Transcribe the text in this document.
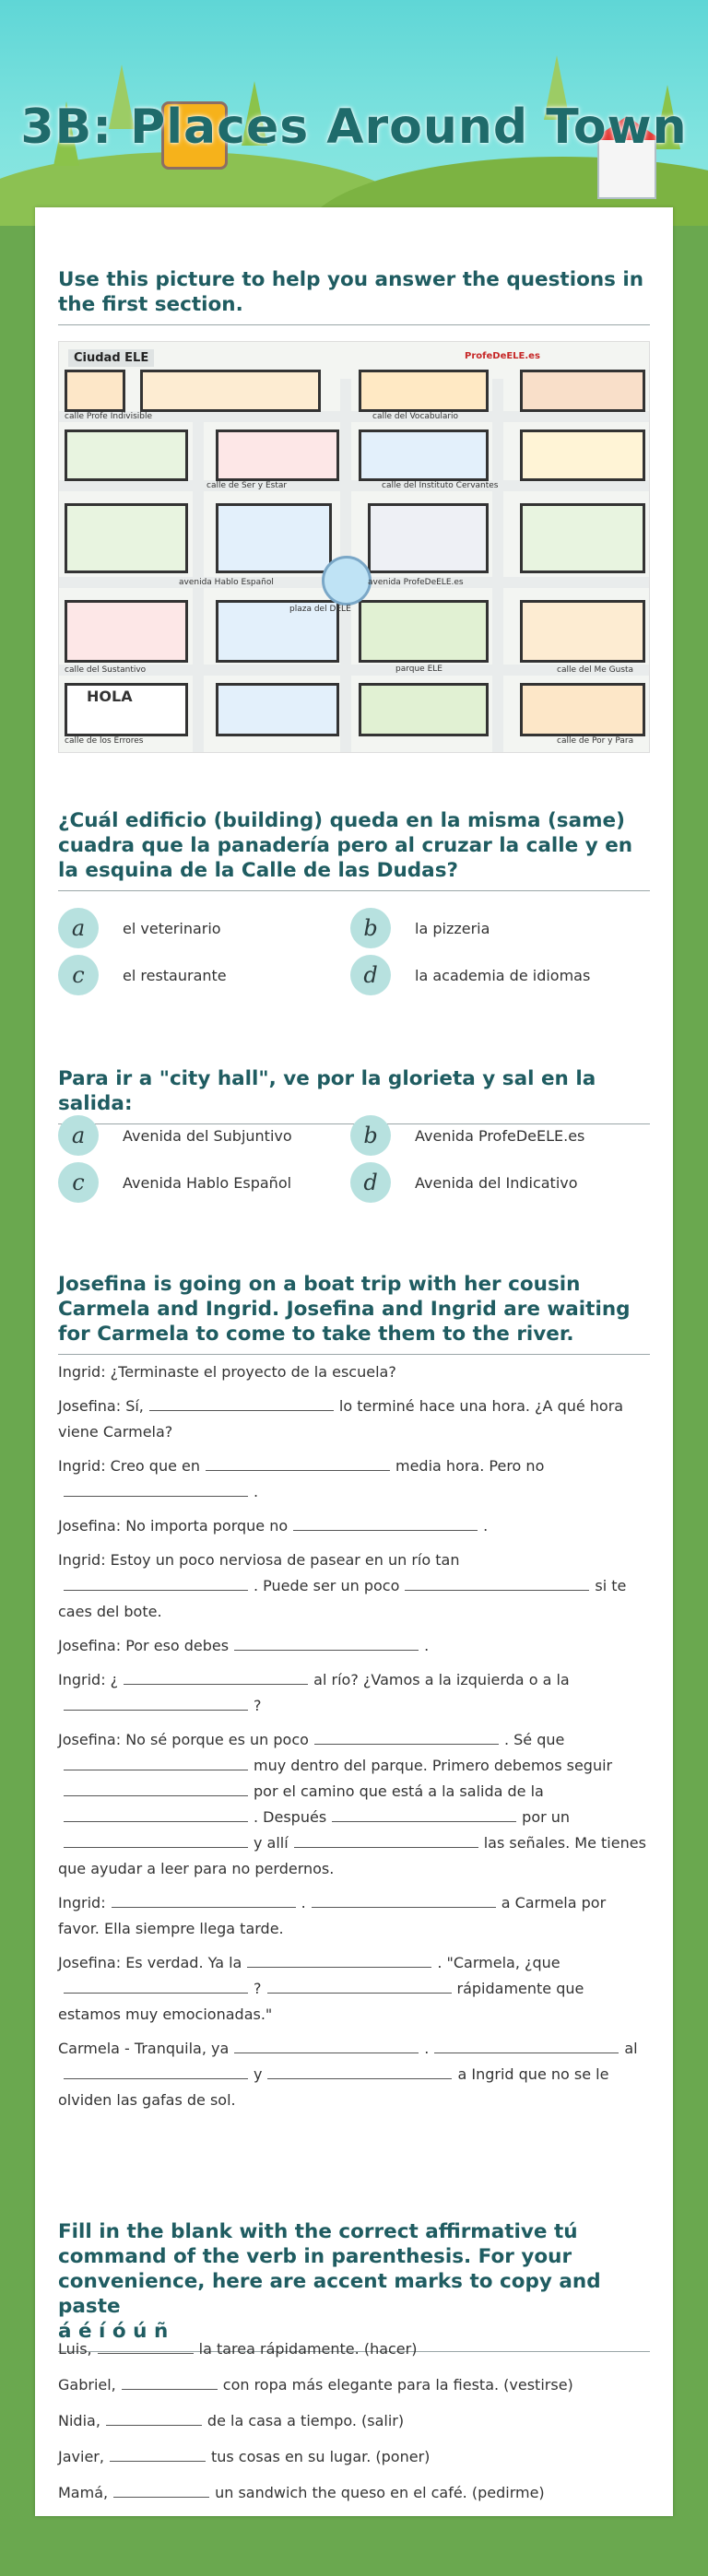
3B: Places Around Town

Use this picture to help you answer the questions in the first section.

Ciudad ELE	ProfeDeELE.es
calle Profe Indivisible	calle del Vocabulario
calle de Ser y Estar	calle del Instituto Cervantes
avenida Hablo Español	avenida ProfeDeELE.es
calle del Sustantivo	calle del Me Gusta
calle de los Errores	calle de Por y Para
plaza del DELE
parque ELE
HOLA

¿Cuál edificio (building) queda en la misma (same) cuadra que la panadería pero al cruzar la calle y en la esquina de la Calle de las Dudas?

a	el veterinario	b	la pizzeria
c	el restaurante	d	la academia de idiomas

Para ir a "city hall", ve por la glorieta y sal en la salida:

a	Avenida del Subjuntivo	b	Avenida ProfeDeELE.es
c	Avenida Hablo Español	d	Avenida del Indicativo

Josefina is going on a boat trip with her cousin Carmela and Ingrid. Josefina and Ingrid are waiting for Carmela to come to take them to the river.

Ingrid: ¿Terminaste el proyecto de la escuela?

Josefina: Sí,	lo terminé hace una hora. ¿A qué hora viene Carmela?

Ingrid: Creo que en	media hora. Pero no.

Josefina: No importa porque no	.

Ingrid: Estoy un poco nerviosa de pasear en un río tan. Puede ser un poco	si te caes del bote.

Josefina: Por eso debes	.

Ingrid: ¿	al río? ¿Vamos a la izquierda o a la?

Josefina: No sé porque es un poco	. Sé quemuy dentro del parque. Primero debemos seguirpor el camino que está a la salida de la. Después	por uny allí	las señales. Me tienes que ayudar a leer para no perdernos.

Ingrid:	.	a Carmela por favor. Ella siempre llega tarde.

Josefina: Es verdad. Ya la	. "Carmela, ¿que?	rápidamente que estamos muy emocionadas."

Carmela - Tranquila, ya	.	aly	a Ingrid que no se le olviden las gafas de sol.

Fill in the blank with the correct affirmative tú command of the verb in parenthesis. For your convenience, here are accent marks to copy and paste
á é í ó ú ñ

Luis,	la tarea rápidamente. (hacer)

Gabriel,	con ropa más elegante para la fiesta. (vestirse)

Nidia,	de la casa a tiempo. (salir)

Javier,	tus cosas en su lugar. (poner)

Mamá,	un sandwich the queso en el café. (pedirme)
